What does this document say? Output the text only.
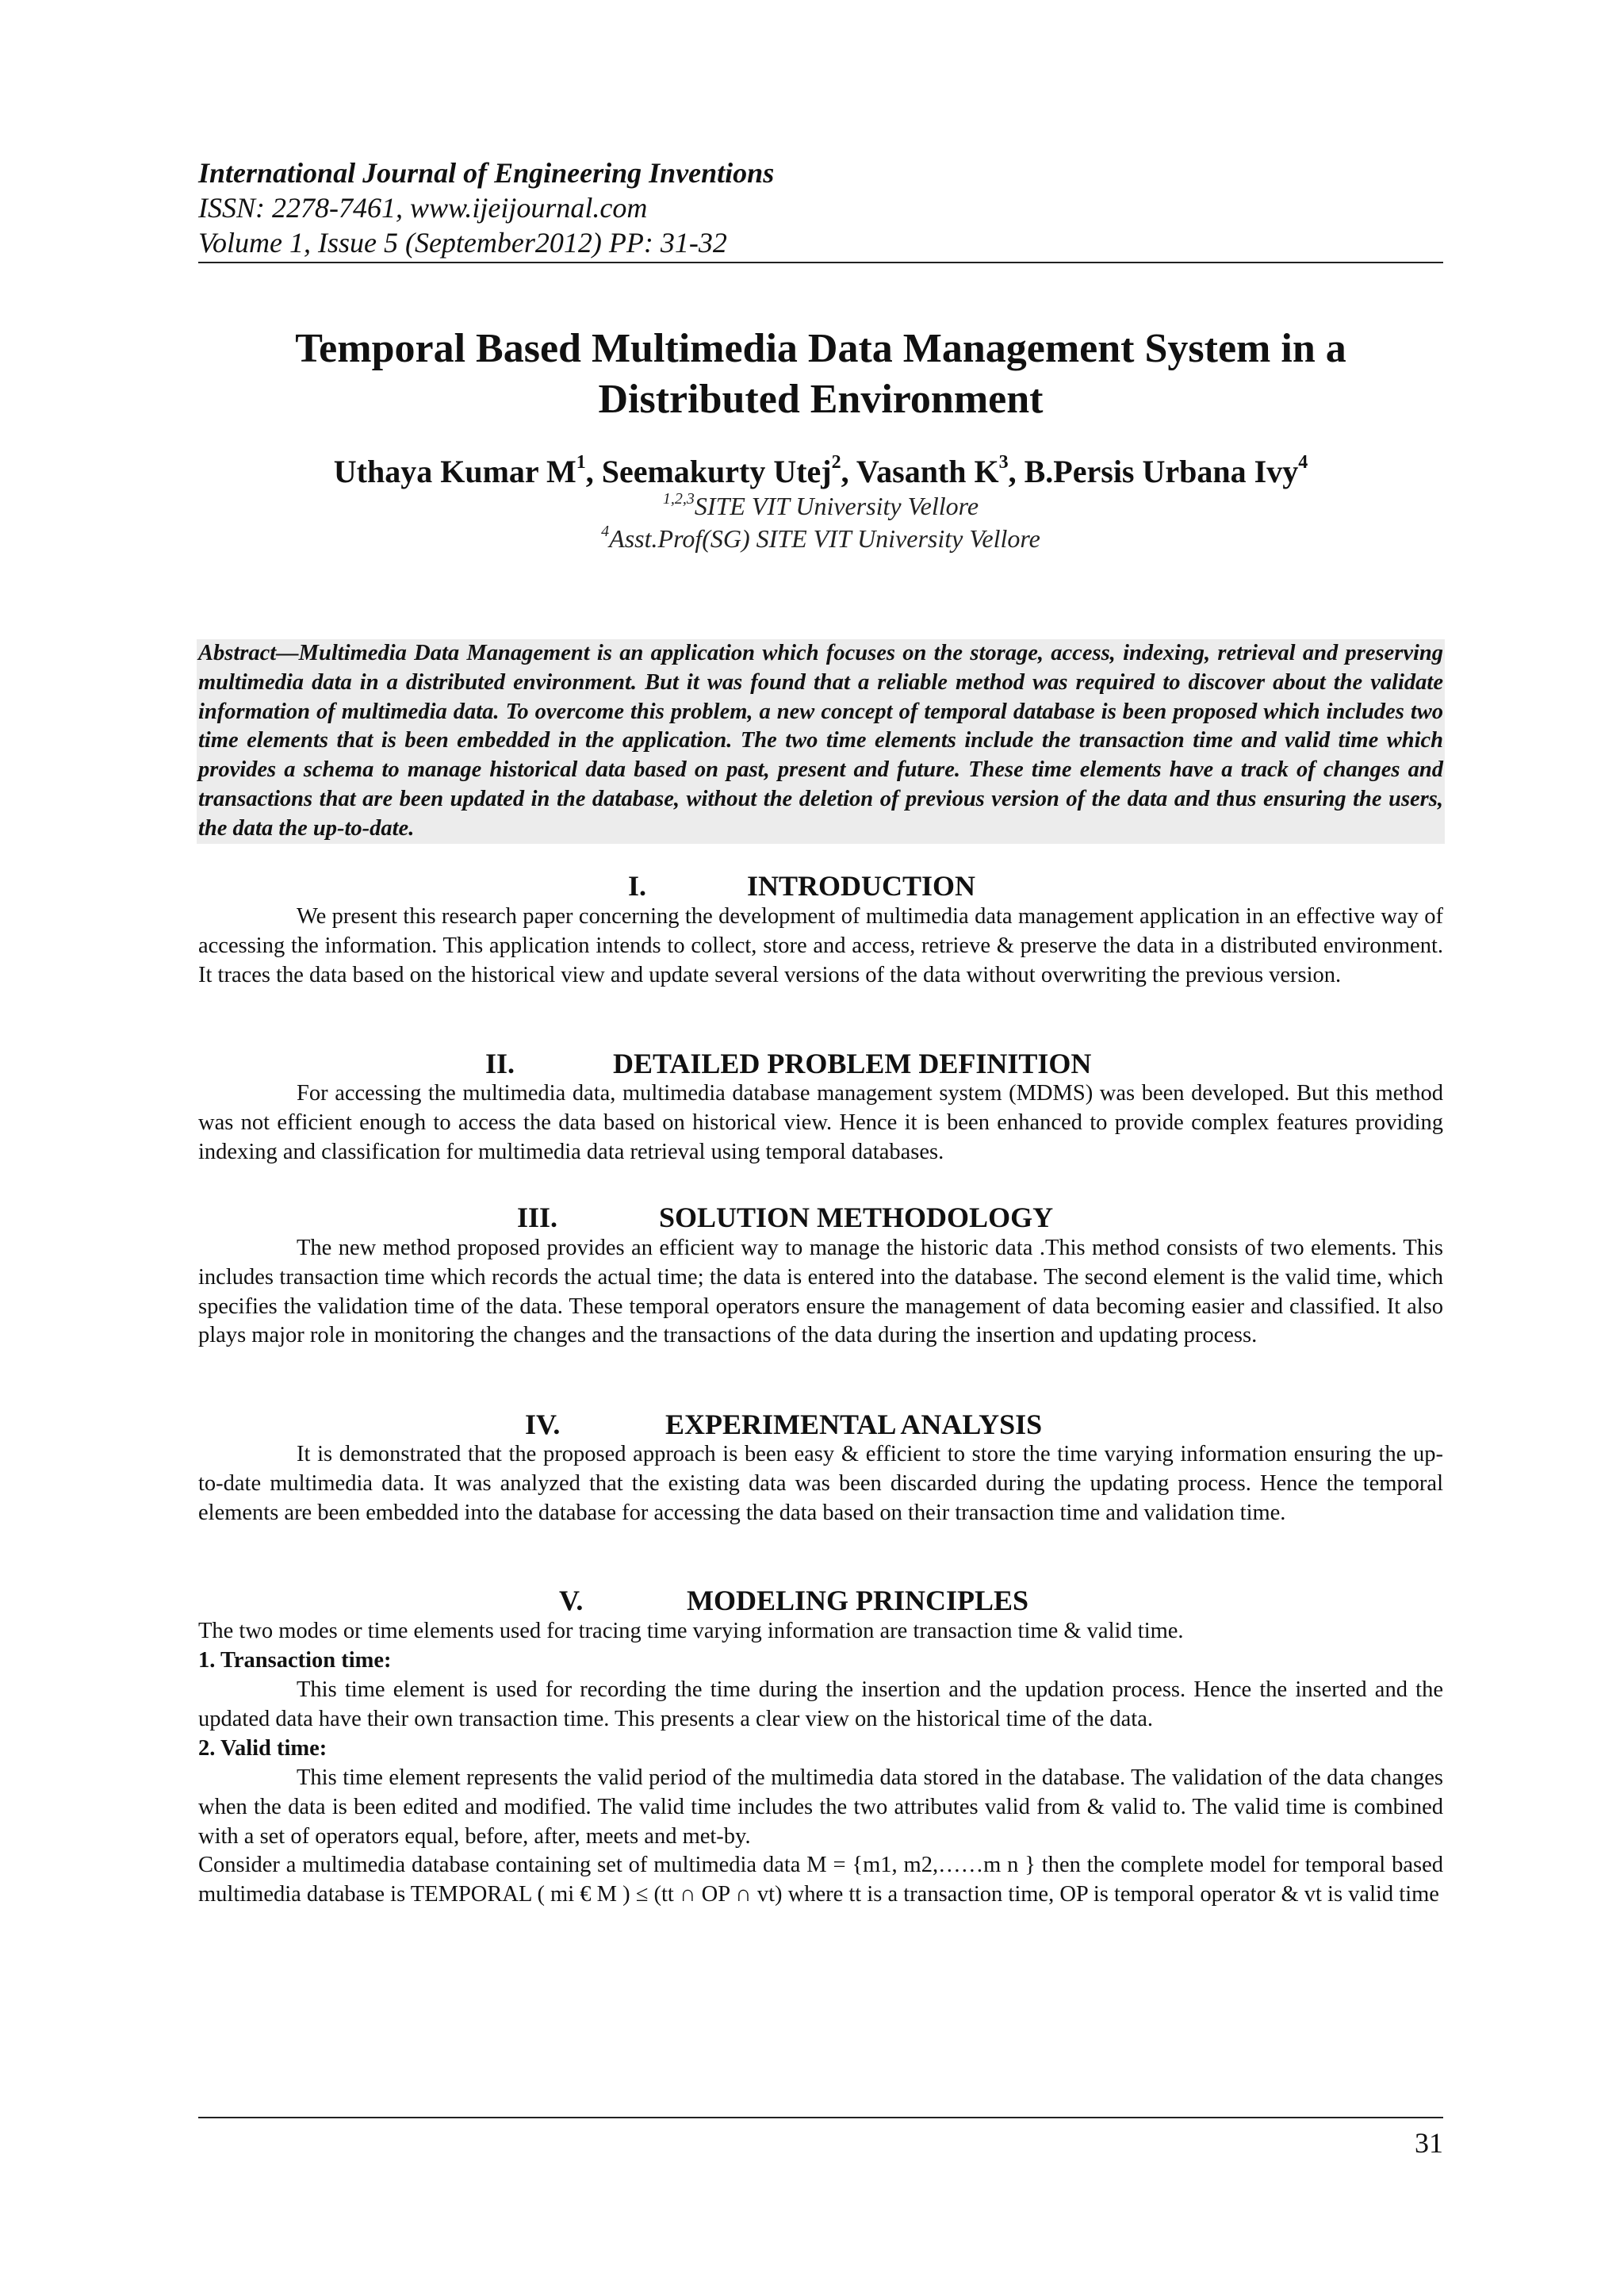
International Journal of Engineering Inventions
ISSN: 2278-7461, www.ijeijournal.com
Volume 1, Issue 5 (September2012) PP: 31-32
Temporal Based Multimedia Data Management System in a
Distributed Environment
Uthaya Kumar $M^1$, Seemakurty Utej$^2$, Vasanth $K^3$, B.Persis Urbana Ivy$^4$
$^{1,2,3}$SITE VIT University Vellore
$^4$Asst.Prof(SG) SITE VIT University Vellore
Abstract—Multimedia Data Management is an application which focuses on the storage, access, indexing, retrieval and preserving multimedia data in a distributed environment. But it was found that a reliable method was required to discover about the validate information of multimedia data. To overcome this problem, a new concept of temporal database is been proposed which includes two time elements that is been embedded in the application. The two time elements include the transaction time and valid time which provides a schema to manage historical data based on past, present and future. These time elements have a track of changes and transactions that are been updated in the database, without the deletion of previous version of the data and thus ensuring the users, the data the up-to-date.
I.	INTRODUCTION
We present this research paper concerning the development of multimedia data management application in an effective way of accessing the information. This application intends to collect, store and access, retrieve & preserve the data in a distributed environment. It traces the data based on the historical view and update several versions of the data without overwriting the previous version.
II.	DETAILED PROBLEM DEFINITION
For accessing the multimedia data, multimedia database management system (MDMS) was been developed. But this method was not efficient enough to access the data based on historical view. Hence it is been enhanced to provide complex features providing indexing and classification for multimedia data retrieval using temporal databases.
III.	SOLUTION METHODOLOGY
The new method proposed provides an efficient way to manage the historic data .This method consists of two elements. This includes transaction time which records the actual time; the data is entered into the database. The second element is the valid time, which specifies the validation time of the data. These temporal operators ensure the management of data becoming easier and classified. It also plays major role in monitoring the changes and the transactions of the data during the insertion and updating process.
IV.	EXPERIMENTAL ANALYSIS
It is demonstrated that the proposed approach is been easy & efficient to store the time varying information ensuring the up-to-date multimedia data. It was analyzed that the existing data was been discarded during the updating process. Hence the temporal elements are been embedded into the database for accessing the data based on their transaction time and validation time.
V.	MODELING PRINCIPLES
The two modes or time elements used for tracing time varying information are transaction time & valid time.
1. Transaction time:
This time element is used for recording the time during the insertion and the updation process. Hence the inserted and the updated data have their own transaction time. This presents a clear view on the historical time of the data.
2. Valid time:
This time element represents the valid period of the multimedia data stored in the database. The validation of the data changes when the data is been edited and modified. The valid time includes the two attributes valid from & valid to. The valid time is combined with a set of operators equal, before, after, meets and met-by.
Consider a multimedia database containing set of multimedia data M = {m1, m2,……m n } then the complete model for temporal based multimedia database is TEMPORAL ( mi € M ) ≤ (tt ∩ OP ∩ vt) where tt is a transaction time, OP is temporal operator & vt is valid time
31
